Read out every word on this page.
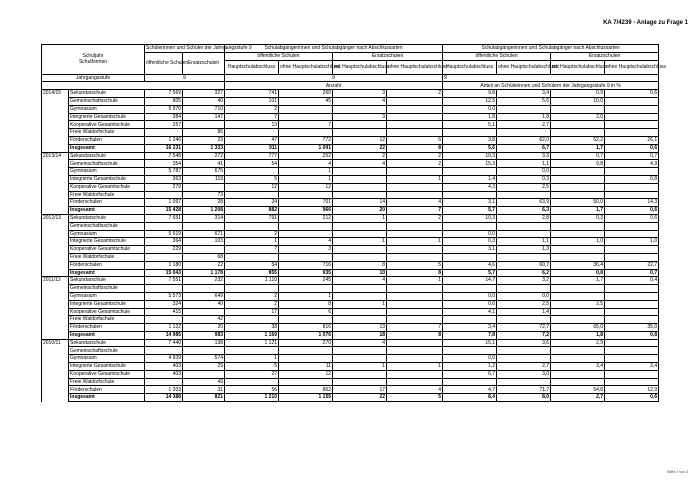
KA 7/4239 - Anlage zu Frage 1
Schuljahr
Schulformen		Schülerinnen und Schüler der Jahrgangsstufe 9		Schulabgängerinnen und Schulabgänger nach Abschlussarten				Schulabgängerinnen und Schulabgänger nach Abschlussarten			
		öffentliche Schulen	Ersatzschulen	öffentliche Schulen		Ersatzschulen		öffentliche Schulen		Ersatzschulen	
				Hauptschulabschluss	ohne Hauptschulabschluss	mit Hauptschulabschluss	ohne Hauptschulabschluss	Hauptschulabschluss	ohne Hauptschulabschluss	mit Hauptschulabschluss	ohne Hauptschulabschluss
Jahrgangsstufe		9		9				9			
				Anzahl				Anteil an Schülerinnen und Schülern der Jahrgangsstufe 9 in %			
2014/15	Sekundarschule	7 569	327	741	260	3	2	9,8	3,4	0,9	0,6
	Gemeinschaftsschule	805	40	101	45	4		12,5	5,6	10,0	
	Gymnasium	5 970	710	2				0,0			
	Integrierte Gesamtschule	384	147	7		3		1,8	1,8	2,0	
	Kooperative Gesamtschule	257		13	7			5,1	2,7		
	Freie Waldorfschule		86								
	Förderschulen	1 246	23	47	772	12	6	3,8	62,0	52,2	26,1
	Insgesamt	16 231	1 333	911	1 091	22	8	5,6	6,7	1,7	0,6
2013/14	Sekundarschule	7 548	272	777	252	2	2	10,3	3,3	0,7	0,7
	Gemeinschaftsschule	354	41	54	4	4	2	15,3	1,1	9,8	4,9
	Gymnasium	5 787	675		1				0,0		
	Integrierte Gesamtschule	363	119	5	1		1	1,4	0,3		0,8
	Kooperative Gesamtschule	279		12	12			4,3	2,5		
	Freie Waldorfschule		73								
	Förderschulen	1 097	28	34	701	14	4	3,1	63,9	50,0	14,3
	Insgesamt	15 428	1 208	882	966	20	7	5,7	6,3	1,7	0,6
2012/13	Sekundarschule	7 651	314	791	212	1	2	10,3	2,8	0,3	0,6
	Gemeinschaftsschule										
	Gymnasium	5 619	671	2				0,0			
	Integrierte Gesamtschule	364	103	1	4	1	1	0,3	1,1	1,0	1,0
	Kooperative Gesamtschule	229		7	3			3,1	1,3		
	Freie Waldorfschule		68								
	Förderschulen	1 180	22	54	716	8	5	4,6	60,7	36,4	22,7
	Insgesamt	15 043	1 178	855	935	10	8	5,7	6,2	0,8	0,7
2011/12	Sekundarschule	7 551	232	1 110	245	4	1	14,7	3,2	1,7	0,4
	Gemeinschaftsschule										
	Gymnasium	5 573	649	2	1			0,0	0,0		
	Integrierte Gesamtschule	324	40	2	8	1		0,6	2,5	2,5	
	Kooperative Gesamtschule	415		17	6			4,1	1,4		
	Freie Waldorfschule		42								
	Förderschulen	1 122	20	38	816	13	7	3,4	72,7	65,0	35,0
	Insgesamt	14 985	983	1 169	1 076	18	8	7,8	7,2	1,8	0,8
2010/11	Sekundarschule	7 440	138	1 121	270	4		15,1	3,6	2,9	
	Gemeinschaftsschule										
	Gymnasium	4 939	574	1				0,0			
	Integrierte Gesamtschule	403	29	5	11	1	1	1,2	2,7	3,4	3,4
	Kooperative Gesamtschule	403		27	12			6,7	3,0		
	Freie Waldorfschule		49								
	Förderschulen	1 203	31	56	862	17	4	4,7	71,7	54,8	12,9
	Insgesamt	14 388	821	1 210	1 155	22	5	8,4	8,0	2,7	0,6
Seite 2 von 3
